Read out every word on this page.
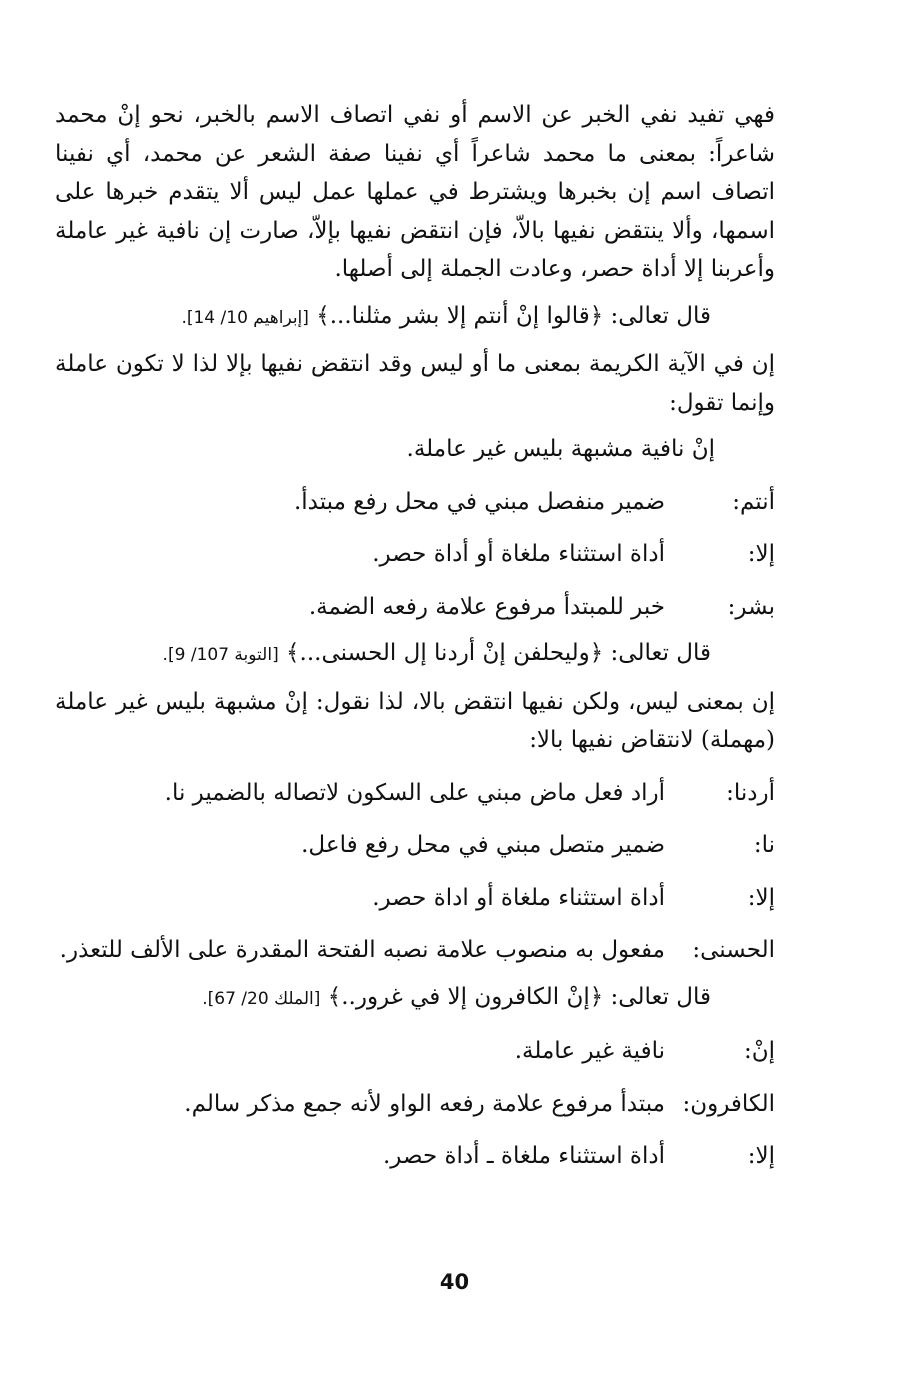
فهي تفيد نفي الخبر عن الاسم أو نفي اتصاف الاسم بالخبر، نحو إنْ محمد شاعراً: بمعنى ما محمد شاعراً أي نفينا صفة الشعر عن محمد، أي نفينا اتصاف اسم إن بخبرها ويشترط في عملها عمل ليس ألا يتقدم خبرها على اسمها، وألا ينتقض نفيها بالاّ، فإن انتقض نفيها بإلاّ، صارت إن نافية غير عاملة وأعربنا إلا أداة حصر، وعادت الجملة إلى أصلها.

قال تعالى: ﴿قالوا إنْ أنتم إلا بشر مثلنا...﴾ [إبراهيم 10/ 14].

إن في الآية الكريمة بمعنى ما أو ليس وقد انتقض نفيها بإلا لذا لا تكون عاملة وإنما تقول:

إنْ نافية مشبهة بليس غير عاملة.

أنتم:
ضمير منفصل مبني في محل رفع مبتدأ.
إلا:
أداة استثناء ملغاة أو أداة حصر.
بشر:
خبر للمبتدأ مرفوع علامة رفعه الضمة.

قال تعالى: ﴿وليحلفن إنْ أردنا إل الحسنى...﴾ [التوبة 107/ 9].

إن بمعنى ليس، ولكن نفيها انتقض بالا، لذا نقول: إنْ مشبهة بليس غير عاملة (مهملة) لانتقاض نفيها بالا:

أردنا:
أراد فعل ماض مبني على السكون لاتصاله بالضمير نا.
نا:
ضمير متصل مبني في محل رفع فاعل.
إلا:
أداة استثناء ملغاة أو اداة حصر.
الحسنى:
مفعول به منصوب علامة نصبه الفتحة المقدرة على الألف للتعذر.

قال تعالى: ﴿إنْ الكافرون إلا في غرور..﴾ [الملك 20/ 67].

إنْ:
نافية غير عاملة.
الكافرون:
مبتدأ مرفوع علامة رفعه الواو لأنه جمع مذكر سالم.
إلا:
أداة استثناء ملغاة ـ أداة حصر.
40
